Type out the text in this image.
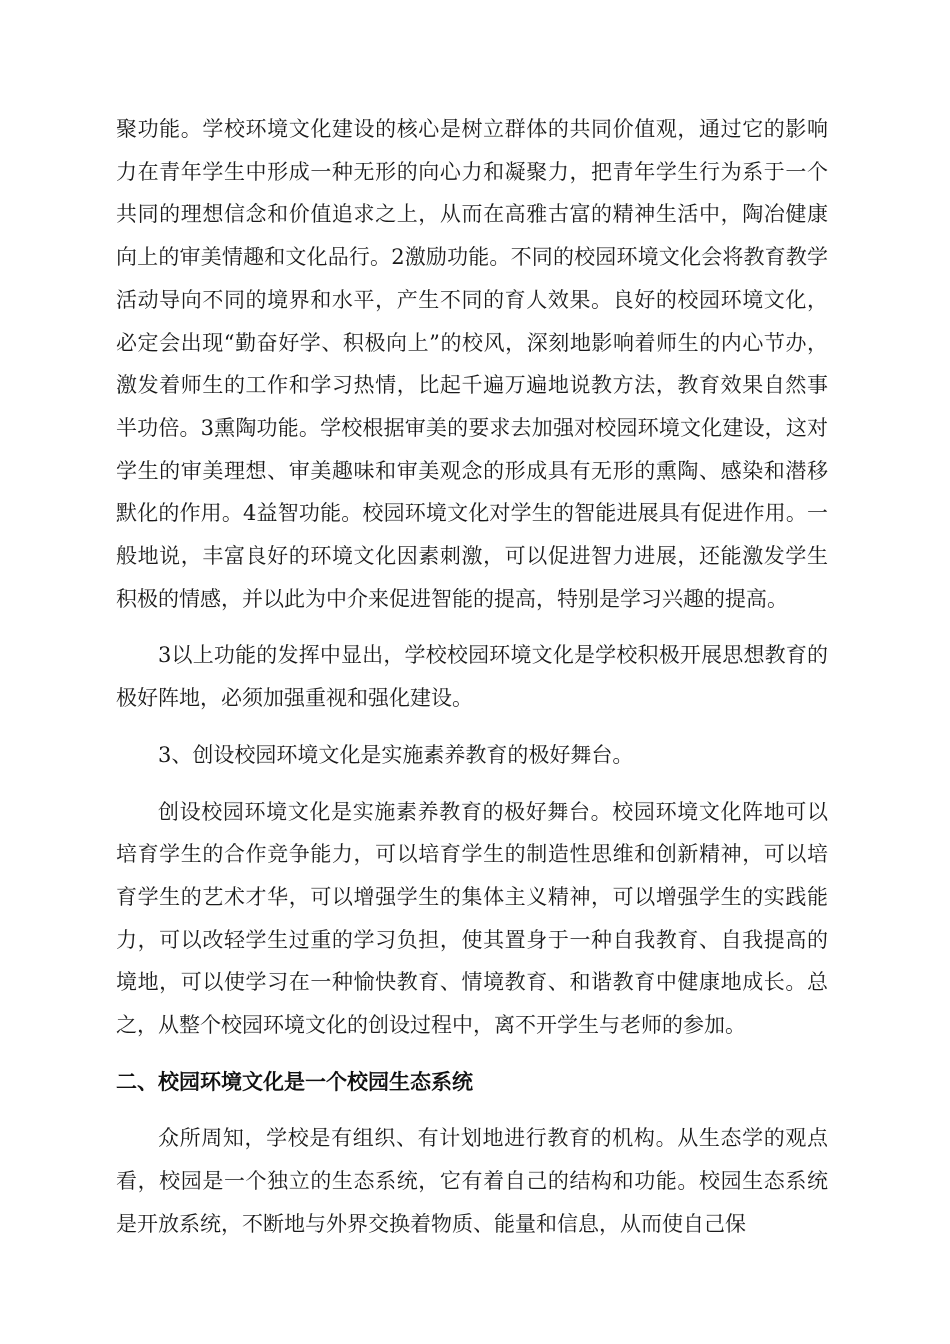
聚功能。学校环境文化建设的核心是树立群体的共同价值观，通过它的影响力在青年学生中形成一种无形的向心力和凝聚力，把青年学生行为系于一个共同的理想信念和价值追求之上，从而在高雅古富的精神生活中，陶冶健康向上的审美情趣和文化品行。2激励功能。不同的校园环境文化会将教育教学活动导向不同的境界和水平，产生不同的育人效果。良好的校园环境文化，必定会出现“勤奋好学、积极向上”的校风，深刻地影响着师生的内心节办，激发着师生的工作和学习热情，比起千遍万遍地说教方法，教育效果自然事半功倍。3熏陶功能。学校根据审美的要求去加强对校园环境文化建设，这对学生的审美理想、审美趣味和审美观念的形成具有无形的熏陶、感染和潜移默化的作用。4益智功能。校园环境文化对学生的智能进展具有促进作用。一般地说，丰富良好的环境文化因素刺激，可以促进智力进展，还能激发学生积极的情感，并以此为中介来促进智能的提高，特别是学习兴趣的提高。

3以上功能的发挥中显出，学校校园环境文化是学校积极开展思想教育的极好阵地，必须加强重视和强化建设。

3、创设校园环境文化是实施素养教育的极好舞台。

创设校园环境文化是实施素养教育的极好舞台。校园环境文化阵地可以培育学生的合作竞争能力，可以培育学生的制造性思维和创新精神，可以培育学生的艺术才华，可以增强学生的集体主义精神，可以增强学生的实践能力，可以改轻学生过重的学习负担，使其置身于一种自我教育、自我提高的境地，可以使学习在一种愉快教育、情境教育、和谐教育中健康地成长。总之，从整个校园环境文化的创设过程中，离不开学生与老师的参加。

二、校园环境文化是一个校园生态系统

众所周知，学校是有组织、有计划地进行教育的机构。从生态学的观点看，校园是一个独立的生态系统，它有着自己的结构和功能。校园生态系统是开放系统，不断地与外界交换着物质、能量和信息，从而使自己保
